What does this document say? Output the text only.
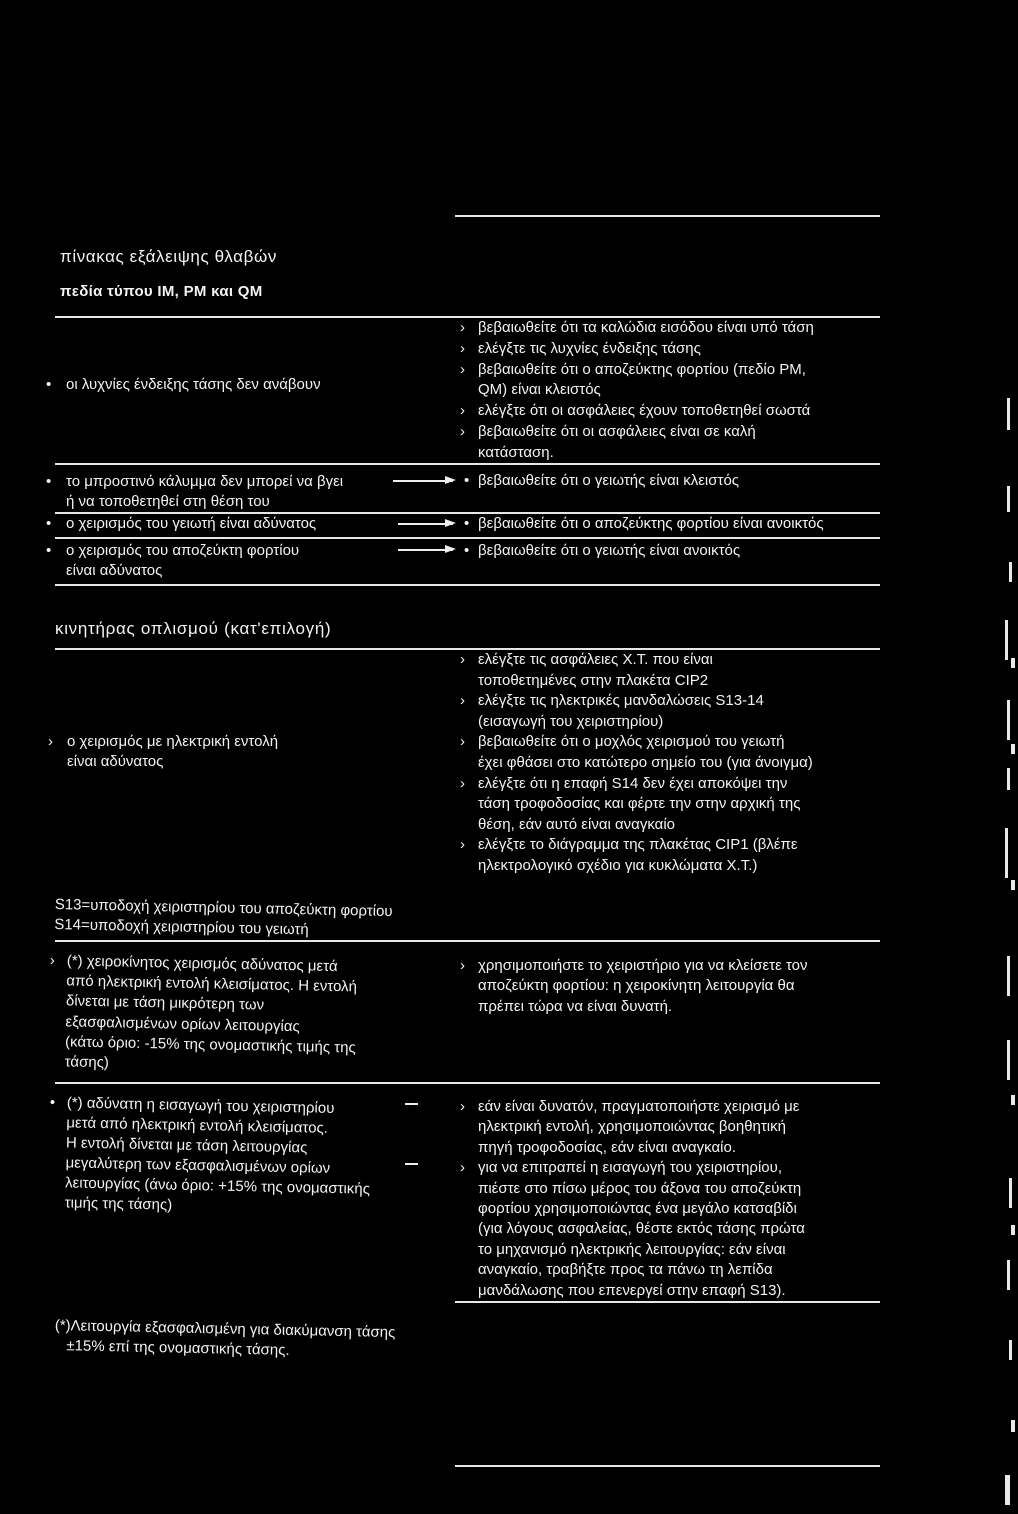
πίνακας εξάλειψης θλαβών
πεδία τύπου IM, PM και QM
• οι λυχνίες ένδειξης τάσης δεν ανάβουν
› βεβαιωθείτε ότι τα καλώδια εισόδου είναι υπό τάση
› ελέγξτε τις λυχνίες ένδειξης τάσης
› βεβαιωθείτε ότι ο αποζεύκτης φορτίου (πεδίο PM,
QM) είναι κλειστός
› ελέγξτε ότι οι ασφάλειες έχουν τοποθετηθεί σωστά
› βεβαιωθείτε ότι οι ασφάλειες είναι σε καλή
κατάσταση.
• το μπροστινό κάλυμμα δεν μπορεί να βγει
ή να τοποθετηθεί στη θέση του
• βεβαιωθείτε ότι ο γειωτής είναι κλειστός
• ο χειρισμός του γειωτή είναι αδύνατος	• βεβαιωθείτε ότι ο αποζεύκτης φορτίου είναι ανοικτός
• ο χειρισμός του αποζεύκτη φορτίου
είναι αδύνατος
• βεβαιωθείτε ότι ο γειωτής είναι ανοικτός
κινητήρας οπλισμού (κατ'επιλογή)
› ο χειρισμός με ηλεκτρική εντολή
είναι αδύνατος
› ελέγξτε τις ασφάλειες Χ.Τ. που είναι
τοποθετημένες στην πλακέτα CIP2
› ελέγξτε τις ηλεκτρικές μανδαλώσεις S13-14
(εισαγωγή του χειριστηρίου)
› βεβαιωθείτε ότι ο μοχλός χειρισμού του γειωτή
έχει φθάσει στο κατώτερο σημείο του (για άνοιγμα)
› ελέγξτε ότι η επαφή S14 δεν έχει αποκόψει την
τάση τροφοδοσίας και φέρτε την στην αρχική της
θέση, εάν αυτό είναι αναγκαίο
› ελέγξτε το διάγραμμα της πλακέτας CIP1 (βλέπε
ηλεκτρολογικό σχέδιο για κυκλώματα Χ.Τ.)
S13=υποδοχή χειριστηρίου του αποζεύκτη φορτίου
S14=υποδοχή χειριστηρίου του γειωτή
› (*) χειροκίνητος χειρισμός αδύνατος μετά
από ηλεκτρική εντολή κλεισίματος. Η εντολή
δίνεται με τάση μικρότερη των
εξασφαλισμένων ορίων λειτουργίας
(κάτω όριο: -15% της ονομαστικής τιμής της
τάσης)
› χρησιμοποιήστε το χειριστήριο για να κλείσετε τον
αποζεύκτη φορτίου: η χειροκίνητη λειτουργία θα
πρέπει τώρα να είναι δυνατή.
• (*) αδύνατη η εισαγωγή του χειριστηρίου
μετά από ηλεκτρική εντολή κλεισίματος.
Η εντολή δίνεται με τάση λειτουργίας
μεγαλύτερη των εξασφαλισμένων ορίων
λειτουργίας (άνω όριο: +15% της ονομαστικής
τιμής της τάσης)
› εάν είναι δυνατόν, πραγματοποιήστε χειρισμό με
ηλεκτρική εντολή, χρησιμοποιώντας βοηθητική
πηγή τροφοδοσίας, εάν είναι αναγκαίο.
› για να επιτραπεί η εισαγωγή του χειριστηρίου,
πιέστε στο πίσω μέρος του άξονα του αποζεύκτη
φορτίου χρησιμοποιώντας ένα μεγάλο κατσαβίδι
(για λόγους ασφαλείας, θέστε εκτός τάσης πρώτα
το μηχανισμό ηλεκτρικής λειτουργίας: εάν είναι
αναγκαίο, τραβήξτε προς τα πάνω τη λεπίδα
μανδάλωσης που επενεργεί στην επαφή S13).
(*)Λειτουργία εξασφαλισμένη για διακύμανση τάσης
±15% επί της ονομαστικής τάσης.
